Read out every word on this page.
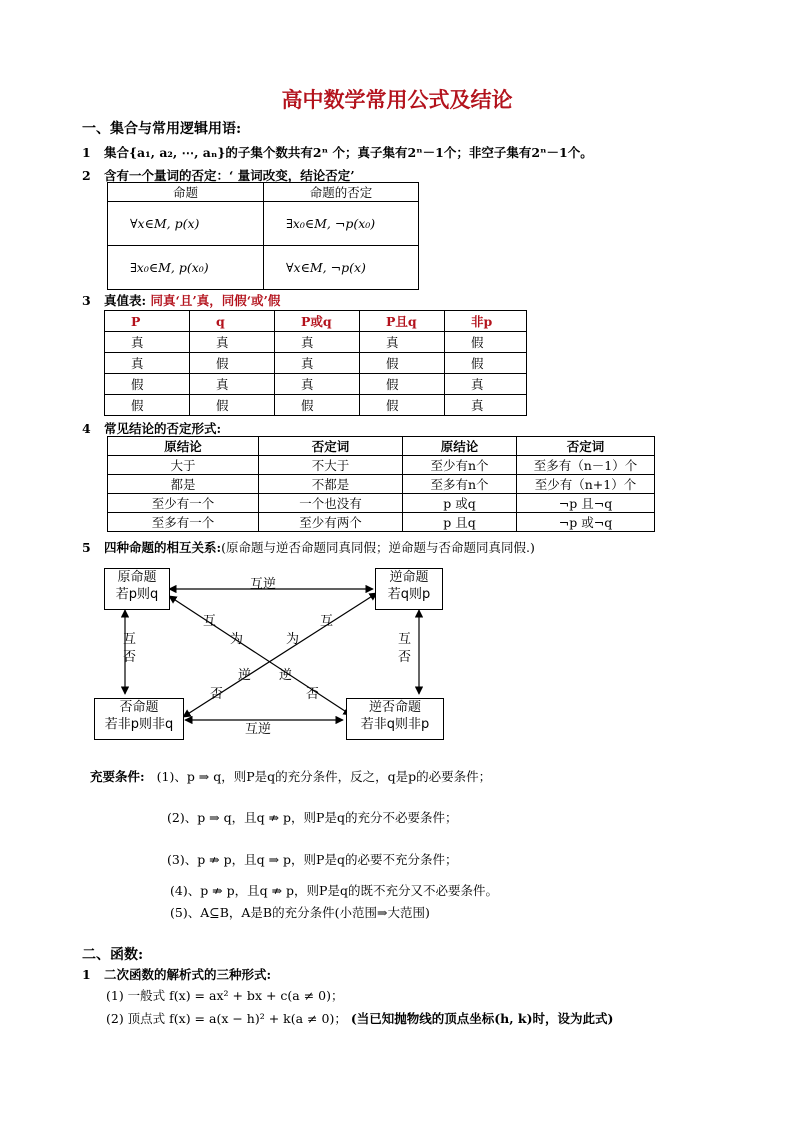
高中数学常用公式及结论
一、集合与常用逻辑用语:
1 集合{a₁, a₂, ⋯, aₙ}的子集个数共有2ⁿ 个；真子集有2ⁿ－1个；非空子集有2ⁿ－1个。
2 含有一个量词的否定：‘ 量词改变，结论否定’
命题	命题的否定
∀x∈M, p(x)	∃x₀∈M, ¬p(x₀)
∃x₀∈M, p(x₀)	∀x∈M, ¬p(x)
3 真值表: 同真‘且’真，同假‘或’假
P	q	P或q	P且q	非p
真	真	真	真	假
真	假	真	假	假
假	真	真	假	真
假	假	假	假	真
4 常见结论的否定形式:
原结论	否定词	原结论	否定词
大于	不大于	至少有n个	至多有（n－1）个
都是	不都是	至多有n个	至少有（n+1）个
至少有一个	一个也没有	p 或q	¬p 且¬q
至多有一个	至少有两个	p 且q	¬p 或¬q
5 四种命题的相互关系:(原命题与逆否命题同真同假；逆命题与否命题同真同假.)
原命题
若p则q
逆命题
若q则p
否命题
若非p则非q
逆否命题
若非q则非p
互逆
互逆
互
否
互
否
互
为
逆
否
互
为
逆
否
充要条件: (1)、p ⇒ q，则P是q的充分条件，反之，q是p的必要条件；
(2)、p ⇒ q，且q ⇏ p，则P是q的充分不必要条件；
(3)、p ⇏ p，且q ⇒ p，则P是q的必要不充分条件；
(4)、p ⇏ p，且q ⇏ p，则P是q的既不充分又不必要条件。
(5)、A⊆B，A是B的充分条件(小范围⇒大范围)
二、函数:
1 二次函数的解析式的三种形式:
(1) 一般式 f(x) = ax² + bx + c(a ≠ 0)；
(2) 顶点式 f(x) = a(x − h)² + k(a ≠ 0)； (当已知抛物线的顶点坐标(h, k)时，设为此式)
